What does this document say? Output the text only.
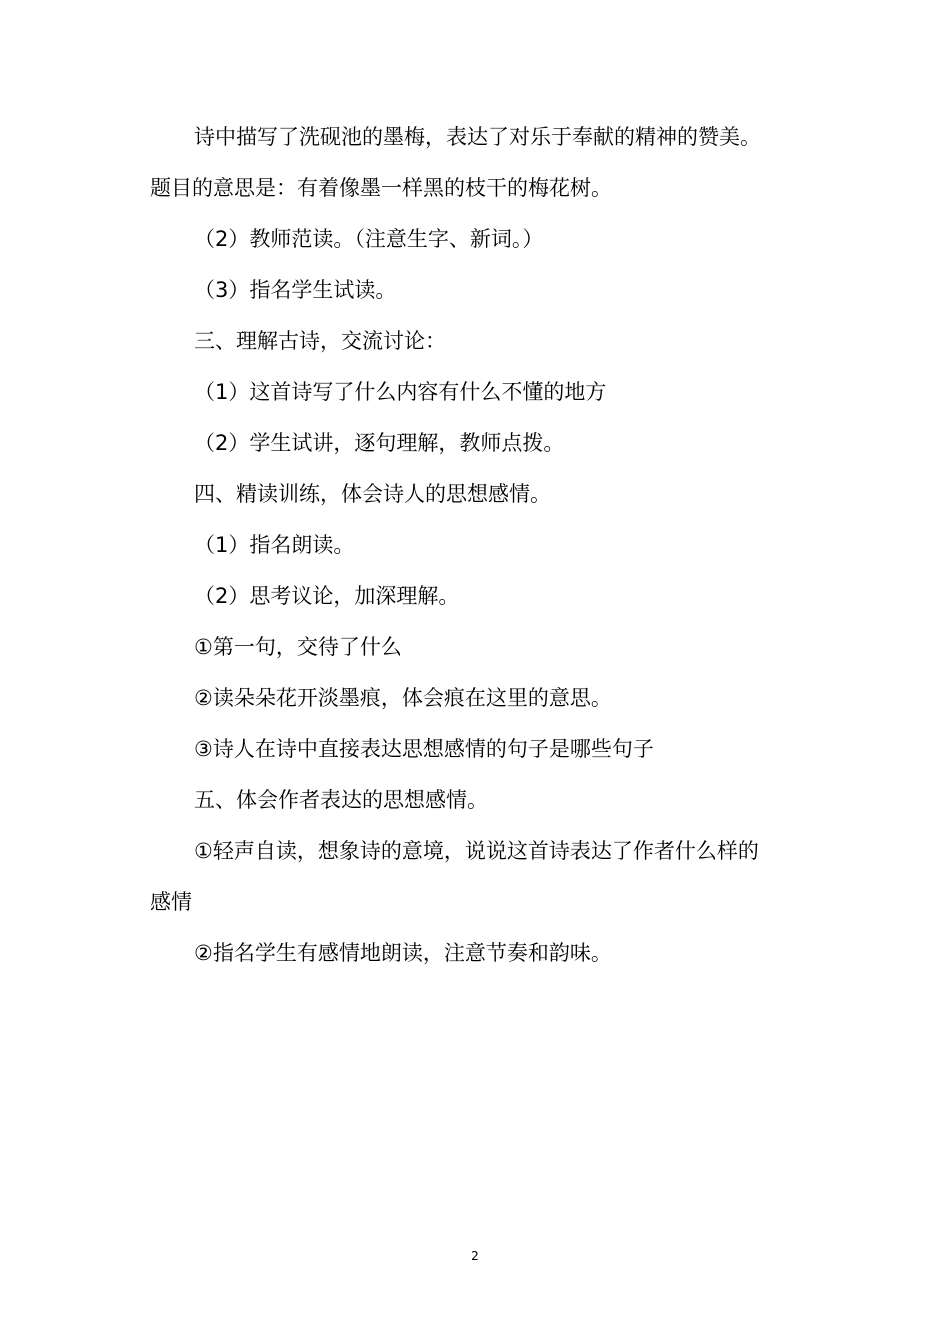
诗中描写了洗砚池的墨梅，表达了对乐于奉献的精神的赞美。
题目的意思是：有着像墨一样黑的枝干的梅花树。
（2）教师范读。（注意生字、新词。）
（3）指名学生试读。
三、理解古诗，交流讨论：
（1）这首诗写了什么内容有什么不懂的地方
（2）学生试讲，逐句理解，教师点拨。
四、精读训练，体会诗人的思想感情。
（1）指名朗读。
（2）思考议论，加深理解。
①第一句，交待了什么
②读朵朵花开淡墨痕，体会痕在这里的意思。
③诗人在诗中直接表达思想感情的句子是哪些句子
五、体会作者表达的思想感情。
①轻声自读，想象诗的意境，说说这首诗表达了作者什么样的
感情
②指名学生有感情地朗读，注意节奏和韵味。
2
